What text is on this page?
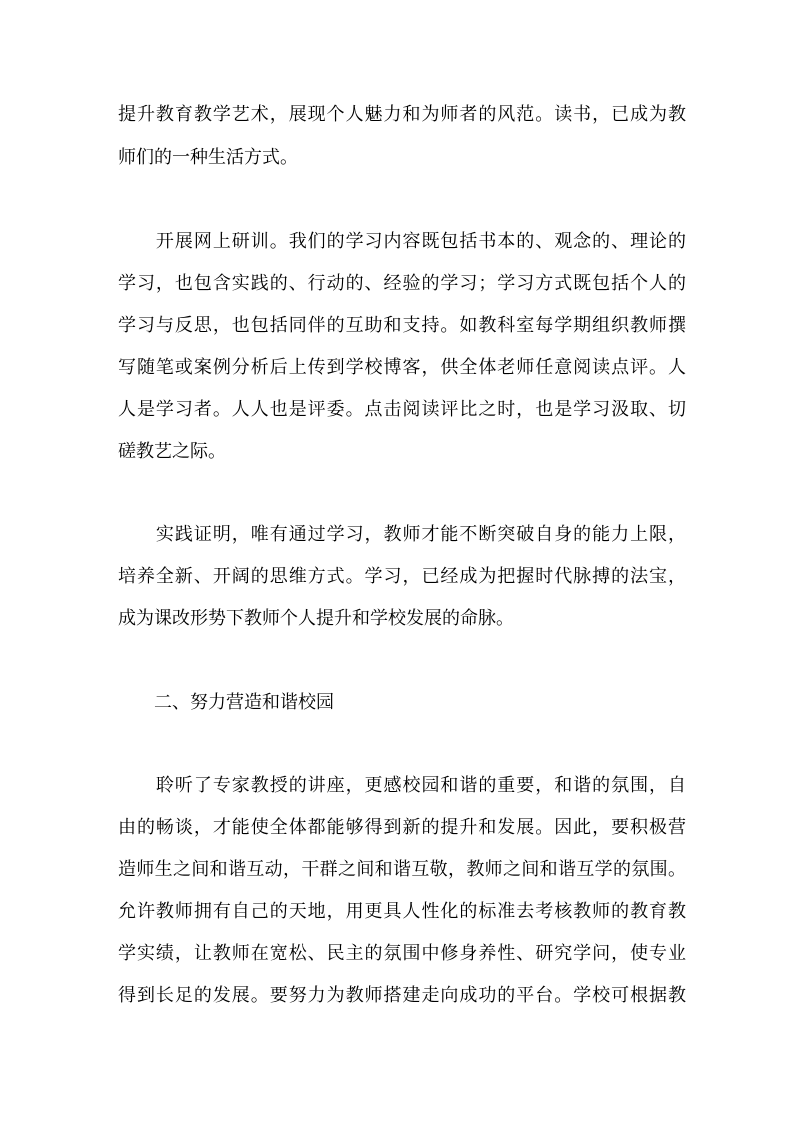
提升教育教学艺术，展现个人魅力和为师者的风范。读书，已成为教
师们的一种生活方式。
　　开展网上研训。我们的学习内容既包括书本的、观念的、理论的
学习，也包含实践的、行动的、经验的学习；学习方式既包括个人的
学习与反思，也包括同伴的互助和支持。如教科室每学期组织教师撰
写随笔或案例分析后上传到学校博客，供全体老师任意阅读点评。人
人是学习者。人人也是评委。点击阅读评比之时，也是学习汲取、切
磋教艺之际。
　　实践证明，唯有通过学习，教师才能不断突破自身的能力上限，
培养全新、开阔的思维方式。学习，已经成为把握时代脉搏的法宝，
成为课改形势下教师个人提升和学校发展的命脉。
　　二、努力营造和谐校园
　　聆听了专家教授的讲座，更感校园和谐的重要，和谐的氛围，自
由的畅谈，才能使全体都能够得到新的提升和发展。因此，要积极营
造师生之间和谐互动，干群之间和谐互敬，教师之间和谐互学的氛围。
允许教师拥有自己的天地，用更具人性化的标准去考核教师的教育教
学实绩，让教师在宽松、民主的氛围中修身养性、研究学问，使专业
得到长足的发展。要努力为教师搭建走向成功的平台。学校可根据教
